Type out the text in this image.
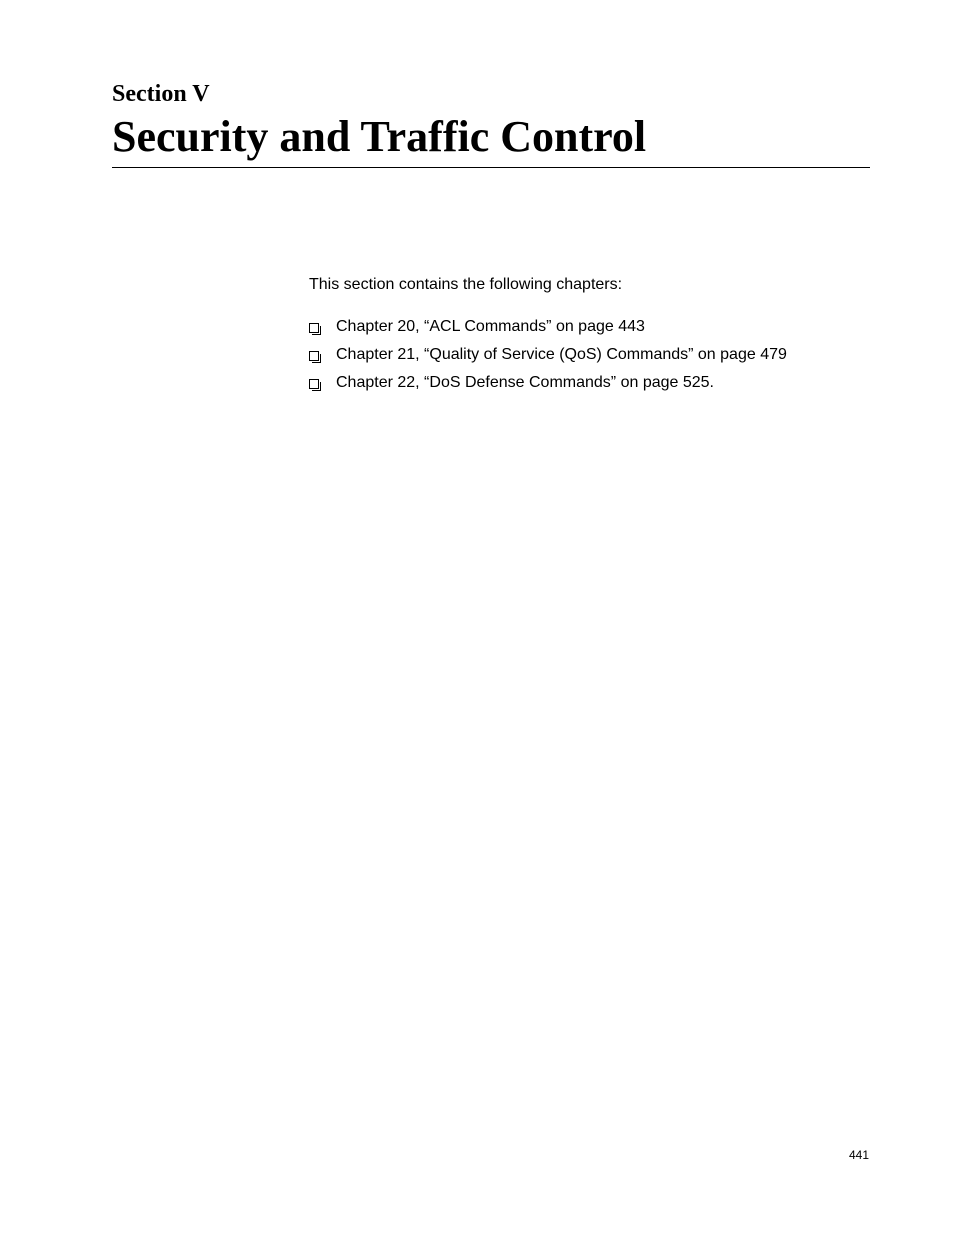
Section V
Security and Traffic Control

This section contains the following chapters:

Chapter 20, “ACL Commands” on page 443
Chapter 21, “Quality of Service (QoS) Commands” on page 479
Chapter 22, “DoS Defense Commands” on page 525.

441
